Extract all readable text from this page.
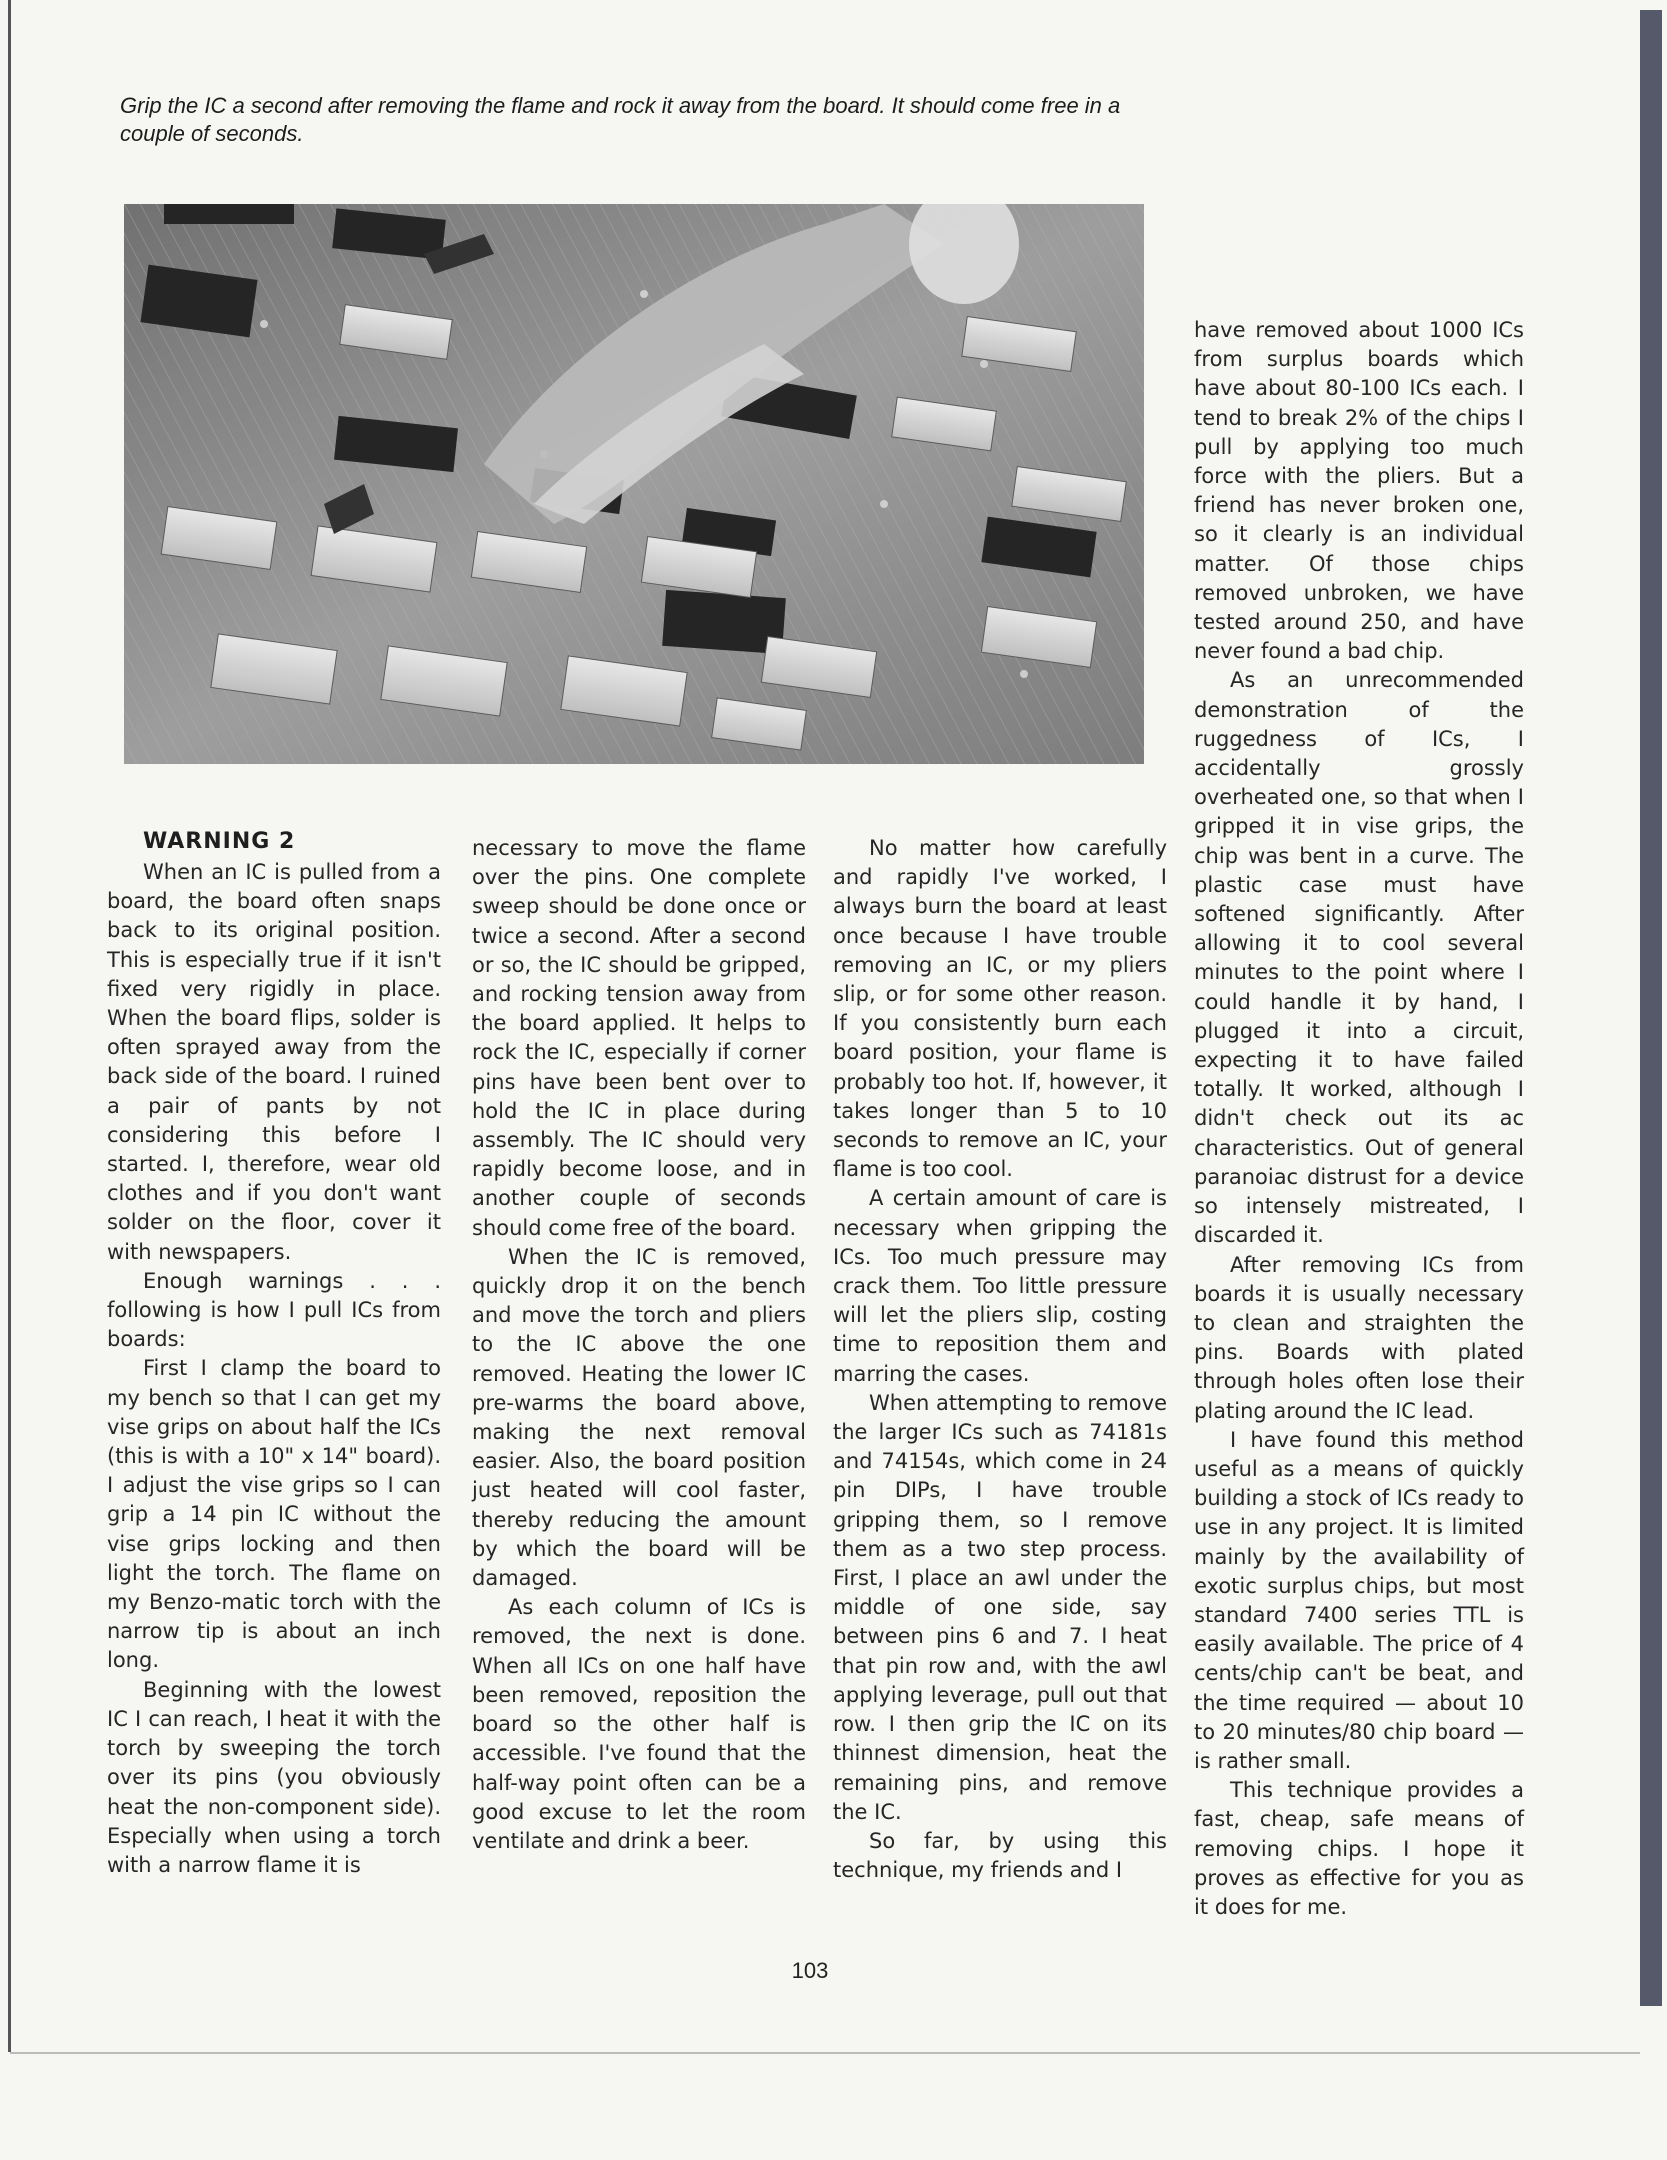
Grip the IC a second after removing the flame and rock it away from the board. It should come free in a couple of seconds.

WARNING 2

When an IC is pulled from a board, the board often snaps back to its original position. This is especially true if it isn't fixed very rigidly in place. When the board flips, solder is often sprayed away from the back side of the board. I ruined a pair of pants by not considering this before I started. I, therefore, wear old clothes and if you don't want solder on the floor, cover it with newspapers.

Enough warnings . . . following is how I pull ICs from boards:

First I clamp the board to my bench so that I can get my vise grips on about half the ICs (this is with a 10" x 14" board). I adjust the vise grips so I can grip a 14 pin IC without the vise grips locking and then light the torch. The flame on my Benzo-matic torch with the narrow tip is about an inch long.

Beginning with the lowest IC I can reach, I heat it with the torch by sweeping the torch over its pins (you obviously heat the non-component side). Especially when using a torch with a narrow flame it is

necessary to move the flame over the pins. One complete sweep should be done once or twice a second. After a second or so, the IC should be gripped, and rocking tension away from the board applied. It helps to rock the IC, especially if corner pins have been bent over to hold the IC in place during assembly. The IC should very rapidly become loose, and in another couple of seconds should come free of the board.

When the IC is removed, quickly drop it on the bench and move the torch and pliers to the IC above the one removed. Heating the lower IC pre-warms the board above, making the next removal easier. Also, the board position just heated will cool faster, thereby reducing the amount by which the board will be damaged.

As each column of ICs is removed, the next is done. When all ICs on one half have been removed, reposition the board so the other half is accessible. I've found that the half-way point often can be a good excuse to let the room ventilate and drink a beer.

No matter how carefully and rapidly I've worked, I always burn the board at least once because I have trouble removing an IC, or my pliers slip, or for some other reason. If you consistently burn each board position, your flame is probably too hot. If, however, it takes longer than 5 to 10 seconds to remove an IC, your flame is too cool.

A certain amount of care is necessary when gripping the ICs. Too much pressure may crack them. Too little pressure will let the pliers slip, costing time to reposition them and marring the cases.

When attempting to remove the larger ICs such as 74181s and 74154s, which come in 24 pin DIPs, I have trouble gripping them, so I remove them as a two step process. First, I place an awl under the middle of one side, say between pins 6 and 7. I heat that pin row and, with the awl applying leverage, pull out that row. I then grip the IC on its thinnest dimension, heat the remaining pins, and remove the IC.

So far, by using this technique, my friends and I

have removed about 1000 ICs from surplus boards which have about 80-100 ICs each. I tend to break 2% of the chips I pull by applying too much force with the pliers. But a friend has never broken one, so it clearly is an individual matter. Of those chips removed unbroken, we have tested around 250, and have never found a bad chip.

As an unrecommended demonstration of the ruggedness of ICs, I accidentally grossly overheated one, so that when I gripped it in vise grips, the chip was bent in a curve. The plastic case must have softened significantly. After allowing it to cool several minutes to the point where I could handle it by hand, I plugged it into a circuit, expecting it to have failed totally. It worked, although I didn't check out its ac characteristics. Out of general paranoiac distrust for a device so intensely mistreated, I discarded it.

After removing ICs from boards it is usually necessary to clean and straighten the pins. Boards with plated through holes often lose their plating around the IC lead.

I have found this method useful as a means of quickly building a stock of ICs ready to use in any project. It is limited mainly by the availability of exotic surplus chips, but most standard 7400 series TTL is easily available. The price of 4 cents/chip can't be beat, and the time required — about 10 to 20 minutes/80 chip board — is rather small.

This technique provides a fast, cheap, safe means of removing chips. I hope it proves as effective for you as it does for me.

103
